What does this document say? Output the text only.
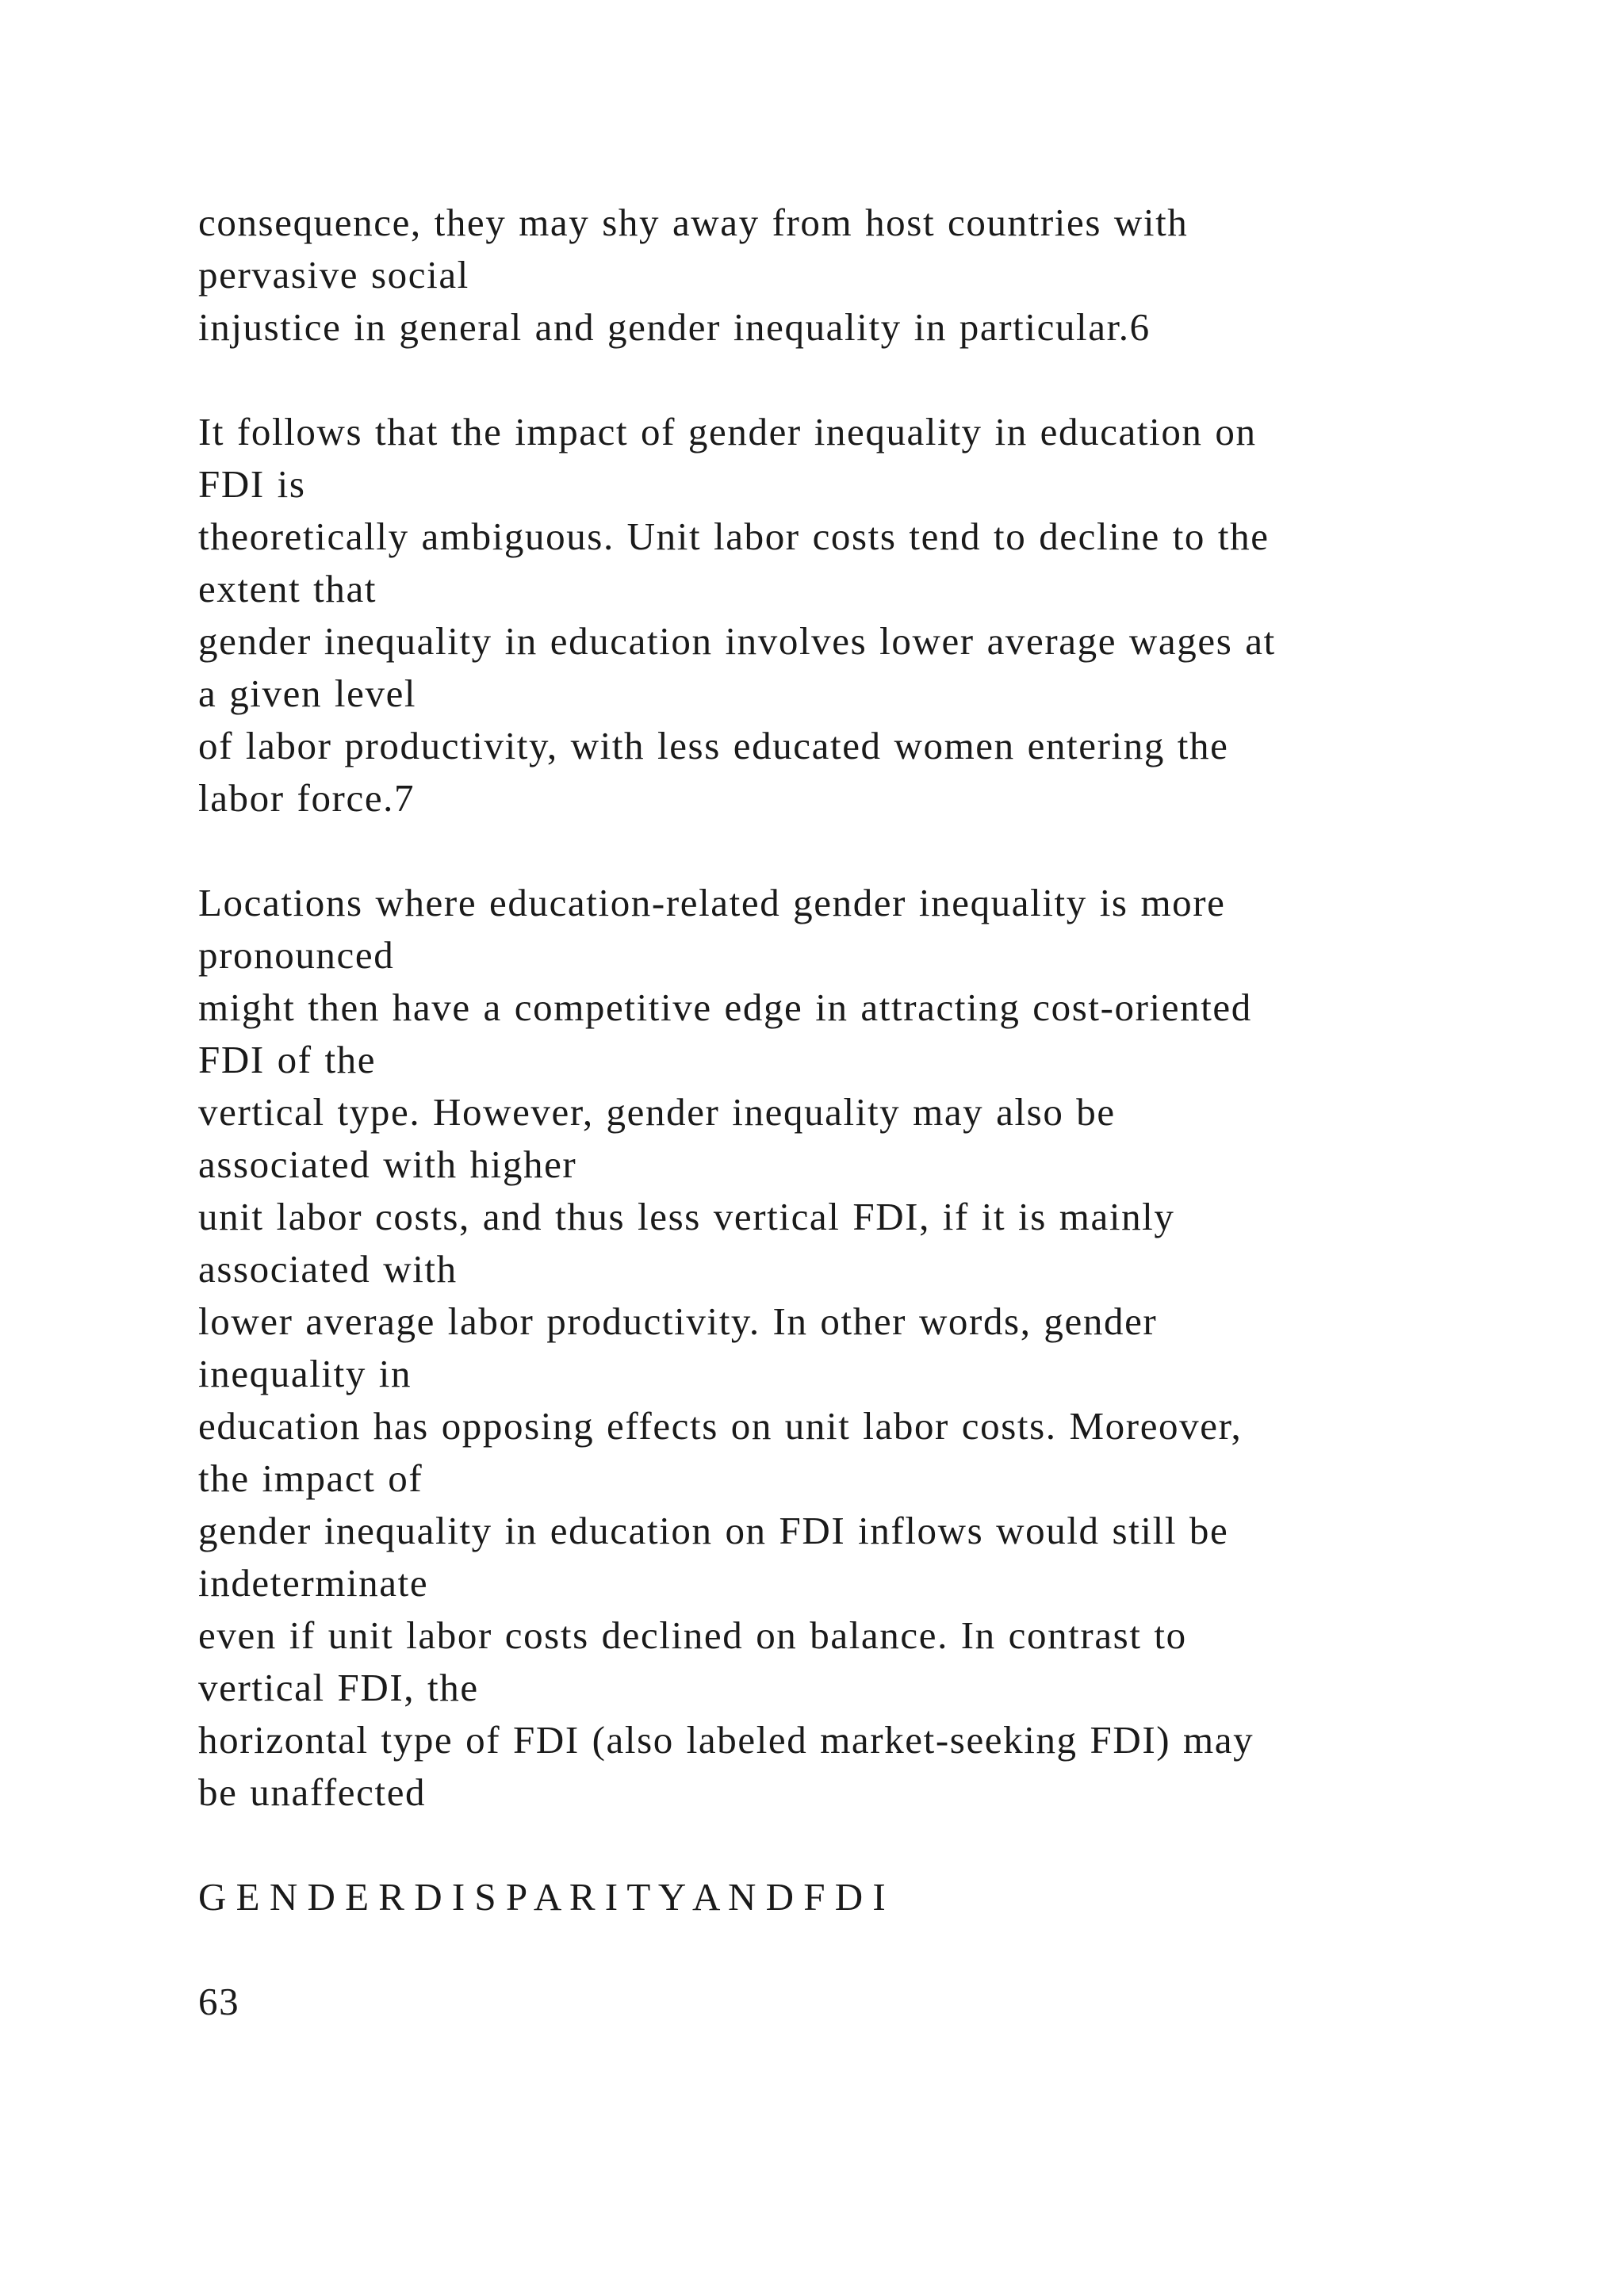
consequence, they may shy away from host countries with
pervasive social
injustice in general and gender inequality in particular.6

It follows that the impact of gender inequality in education on
FDI is
theoretically ambiguous. Unit labor costs tend to decline to the
extent that
gender inequality in education involves lower average wages at
a given level
of labor productivity, with less educated women entering the
labor force.7

Locations where education-related gender inequality is more
pronounced
might then have a competitive edge in attracting cost-oriented
FDI of the
vertical type. However, gender inequality may also be
associated with higher
unit labor costs, and thus less vertical FDI, if it is mainly
associated with
lower average labor productivity. In other words, gender
inequality in
education has opposing effects on unit labor costs. Moreover,
the impact of
gender inequality in education on FDI inflows would still be
indeterminate
even if unit labor costs declined on balance. In contrast to
vertical FDI, the
horizontal type of FDI (also labeled market-seeking FDI) may
be unaffected

G E N D E R D I S P A R I T Y A N D F D I

63
